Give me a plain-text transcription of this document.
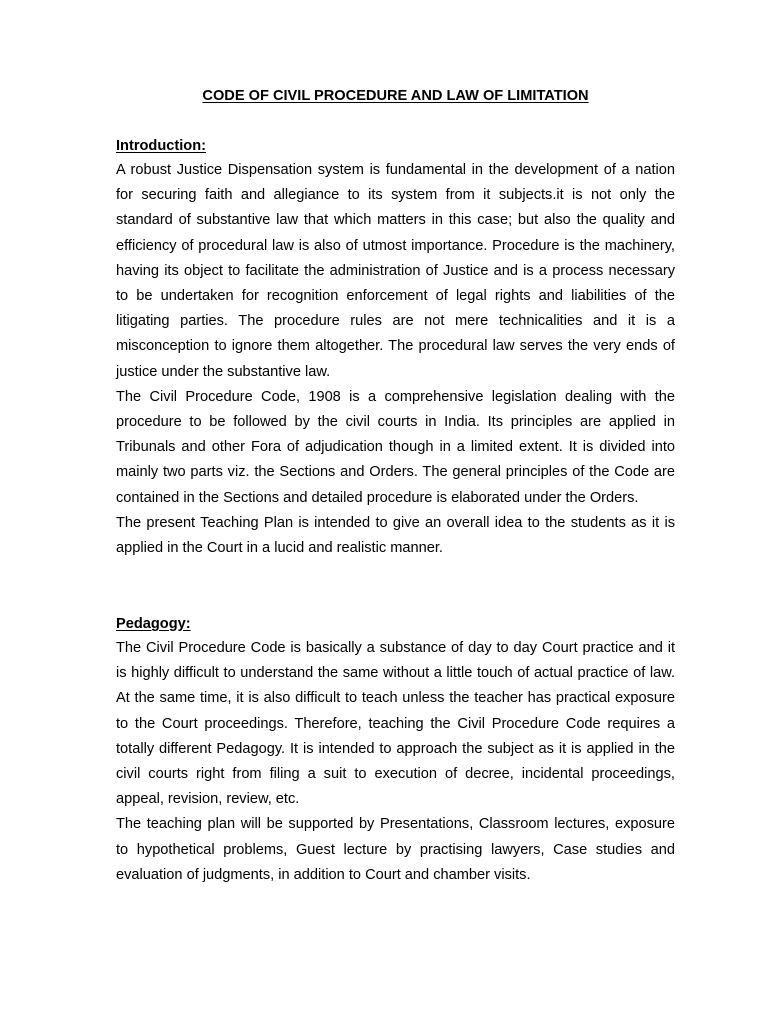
CODE OF CIVIL PROCEDURE AND LAW OF LIMITATION
Introduction:

A robust Justice Dispensation system is fundamental in the development of a nation for securing faith and allegiance to its system from it subjects.it is not only the standard of substantive law that which matters in this case; but also the quality and efficiency of procedural law is also of utmost importance. Procedure is the machinery, having its object to facilitate the administration of Justice and is a process necessary to be undertaken for recognition enforcement of legal rights and liabilities of the litigating parties. The procedure rules are not mere technicalities and it is a misconception to ignore them altogether. The procedural law serves the very ends of justice under the substantive law.

The Civil Procedure Code, 1908 is a comprehensive legislation dealing with the procedure to be followed by the civil courts in India. Its principles are applied in Tribunals and other Fora of adjudication though in a limited extent. It is divided into mainly two parts viz. the Sections and Orders. The general principles of the Code are contained in the Sections and detailed procedure is elaborated under the Orders.

The present Teaching Plan is intended to give an overall idea to the students as it is applied in the Court in a lucid and realistic manner.

Pedagogy:

The Civil Procedure Code is basically a substance of day to day Court practice and it is highly difficult to understand the same without a little touch of actual practice of law. At the same time, it is also difficult to teach unless the teacher has practical exposure to the Court proceedings. Therefore, teaching the Civil Procedure Code requires a totally different Pedagogy. It is intended to approach the subject as it is applied in the civil courts right from filing a suit to execution of decree, incidental proceedings, appeal, revision, review, etc.

The teaching plan will be supported by Presentations, Classroom lectures, exposure to hypothetical problems, Guest lecture by practising lawyers, Case studies and evaluation of judgments, in addition to Court and chamber visits.
